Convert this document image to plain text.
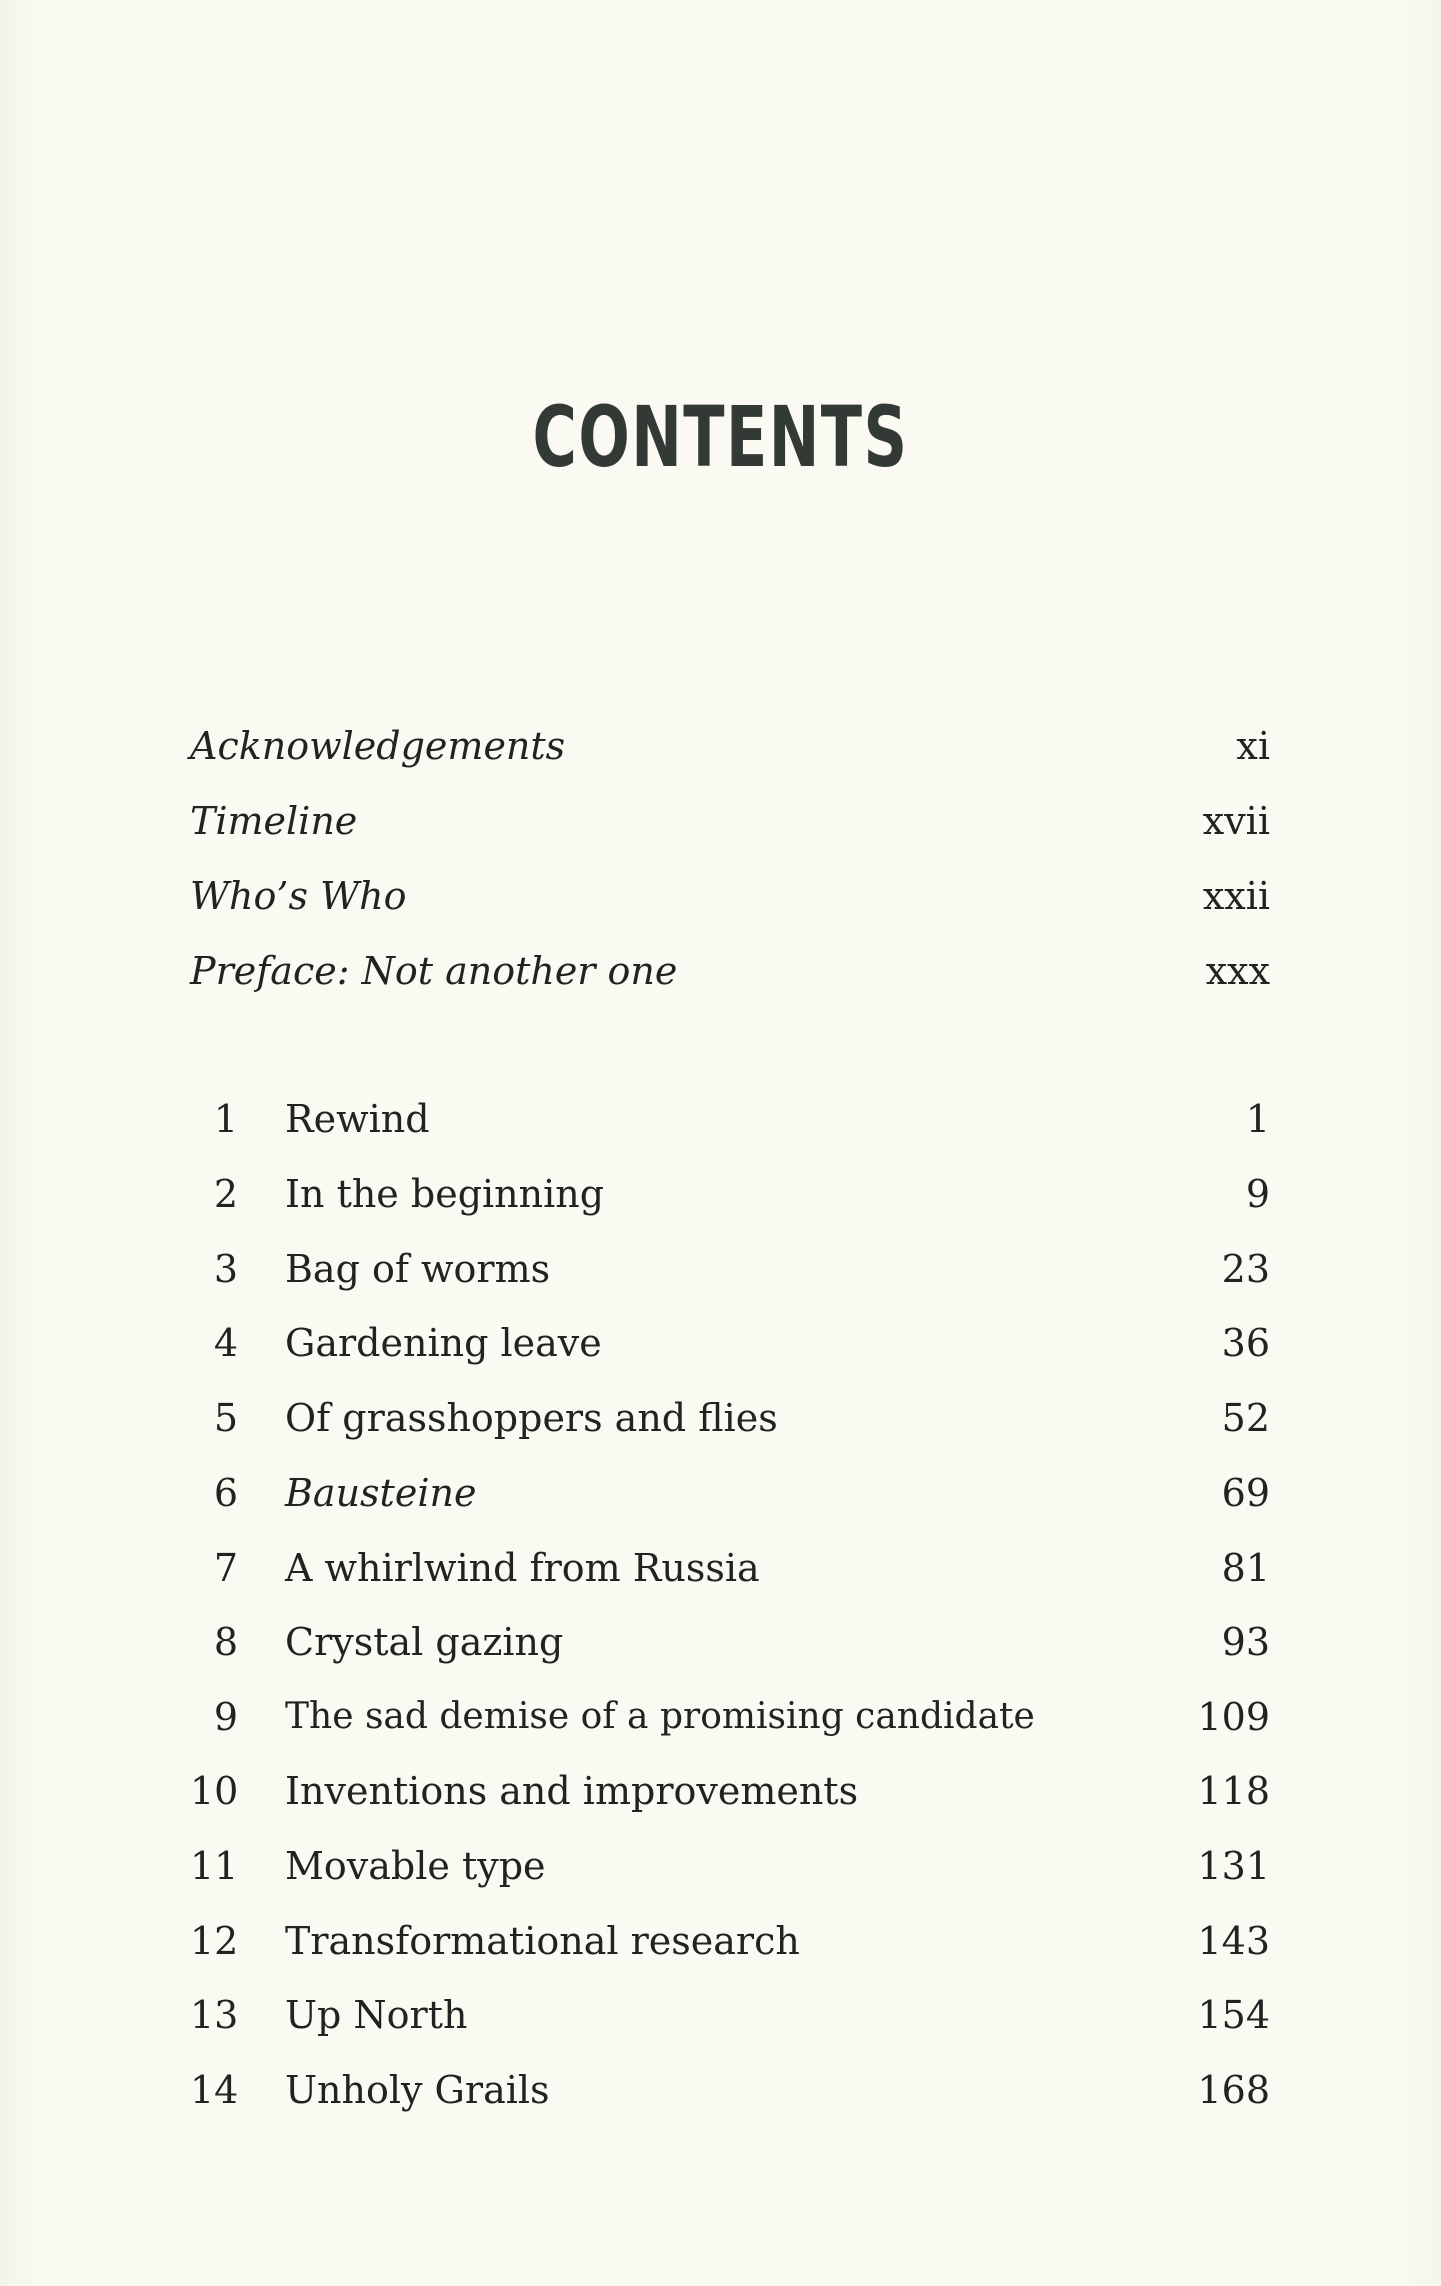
CONTENTS
Acknowledgements	xi
Timeline	xvii
Who’s Who	xxii
Preface: Not another one	xxx
1 Rewind	1
2 In the beginning	9
3 Bag of worms	23
4 Gardening leave	36
5 Of grasshoppers and flies	52
6 Bausteine	69
7 A whirlwind from Russia	81
8 Crystal gazing	93
9 The sad demise of a promising candidate	109
10 Inventions and improvements	118
11 Movable type	131
12 Transformational research	143
13 Up North	154
14 Unholy Grails	168
